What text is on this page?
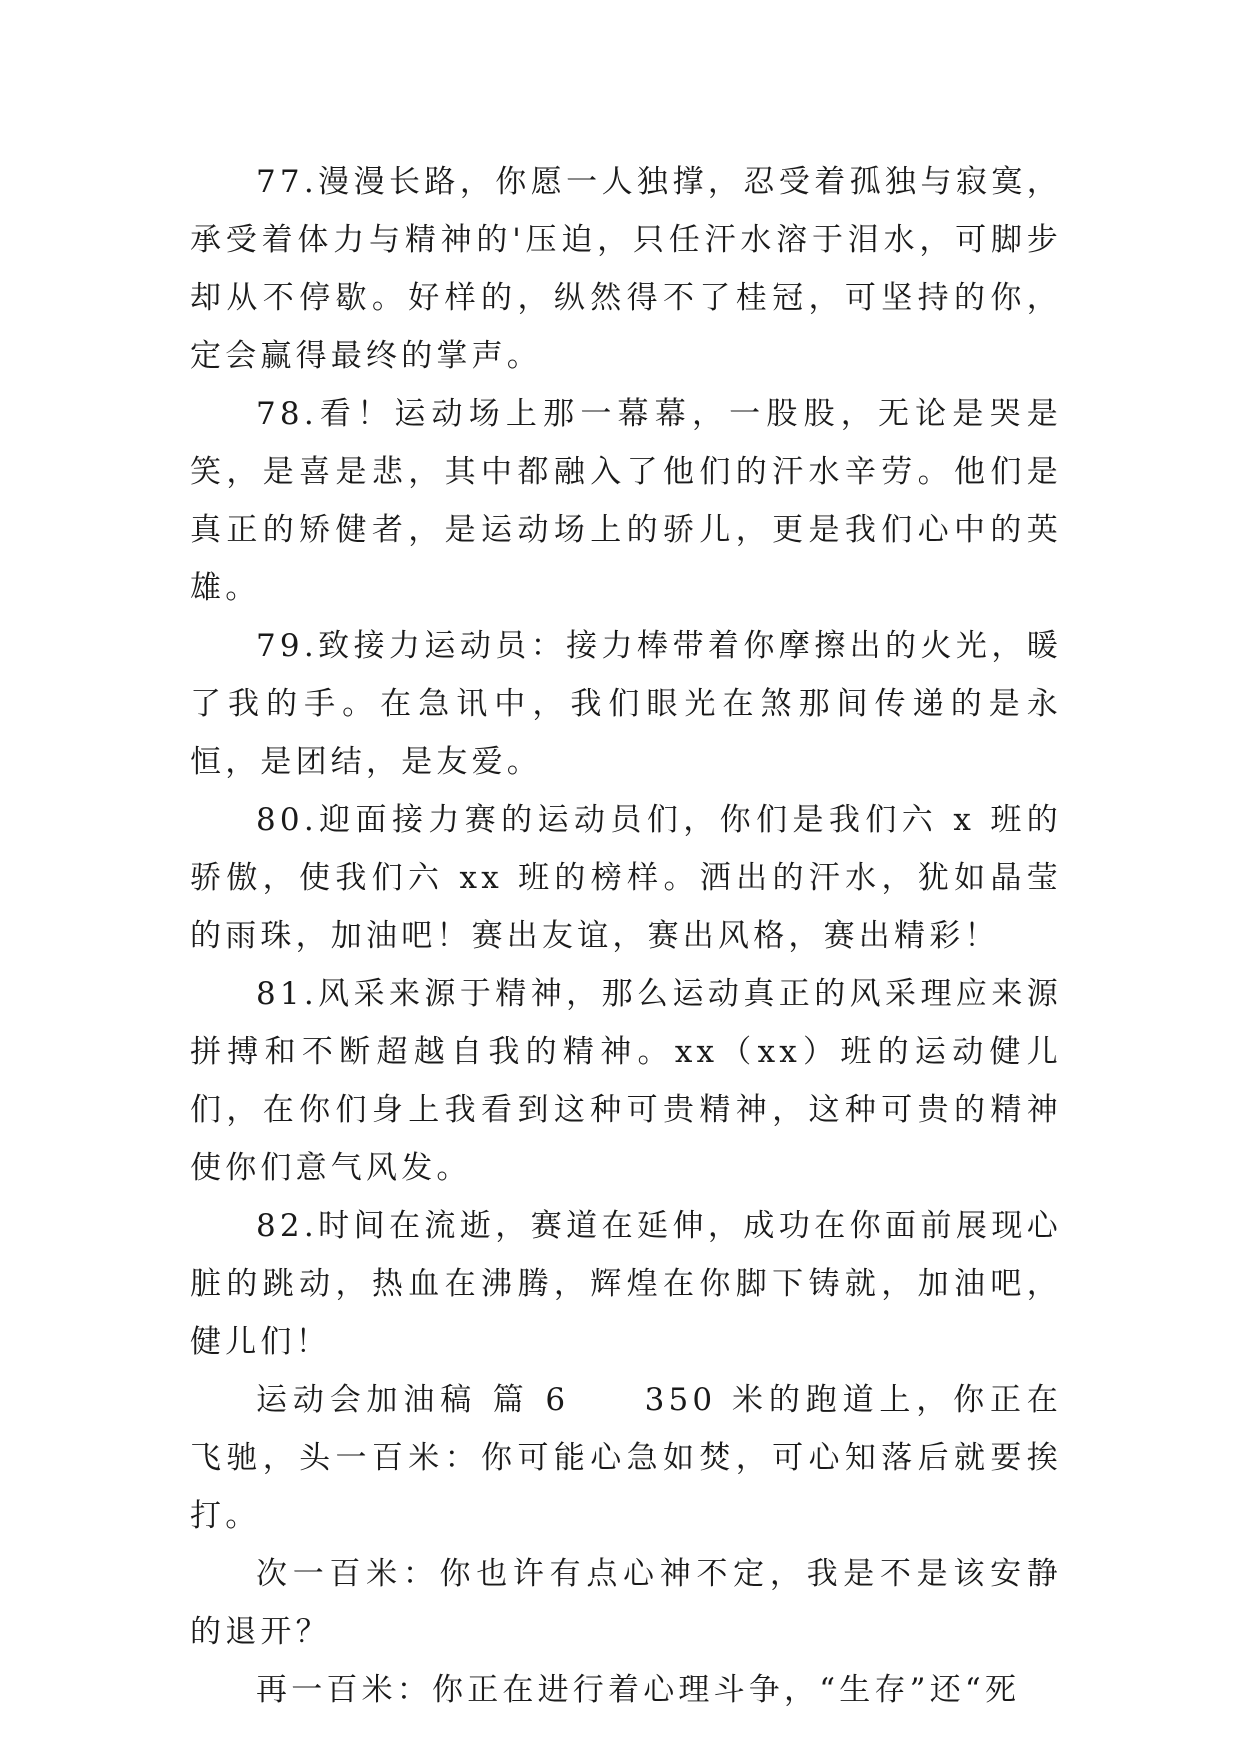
77.漫漫长路，你愿一人独撑，忍受着孤独与寂寞，承受着体力与精神的'压迫，只任汗水溶于泪水，可脚步却从不停歇。好样的，纵然得不了桂冠，可坚持的你，定会赢得最终的掌声。

78.看！运动场上那一幕幕，一股股，无论是哭是笑，是喜是悲，其中都融入了他们的汗水辛劳。他们是真正的矫健者，是运动场上的骄儿，更是我们心中的英雄。

79.致接力运动员：接力棒带着你摩擦出的火光，暖了我的手。在急讯中，我们眼光在煞那间传递的是永恒，是团结，是友爱。

80.迎面接力赛的运动员们，你们是我们六 x 班的骄傲，使我们六 xx 班的榜样。洒出的汗水，犹如晶莹的雨珠，加油吧！赛出友谊，赛出风格，赛出精彩！

81.风采来源于精神，那么运动真正的风采理应来源拼搏和不断超越自我的精神。xx（xx）班的运动健儿们，在你们身上我看到这种可贵精神，这种可贵的精神使你们意气风发。

82.时间在流逝，赛道在延伸，成功在你面前展现心脏的跳动，热血在沸腾，辉煌在你脚下铸就，加油吧，健儿们！

运动会加油稿 篇 6　　350 米的跑道上，你正在飞驰，头一百米：你可能心急如焚，可心知落后就要挨打。

次一百米：你也许有点心神不定，我是不是该安静的退开？

再一百米：你正在进行着心理斗争，“生存”还“死
